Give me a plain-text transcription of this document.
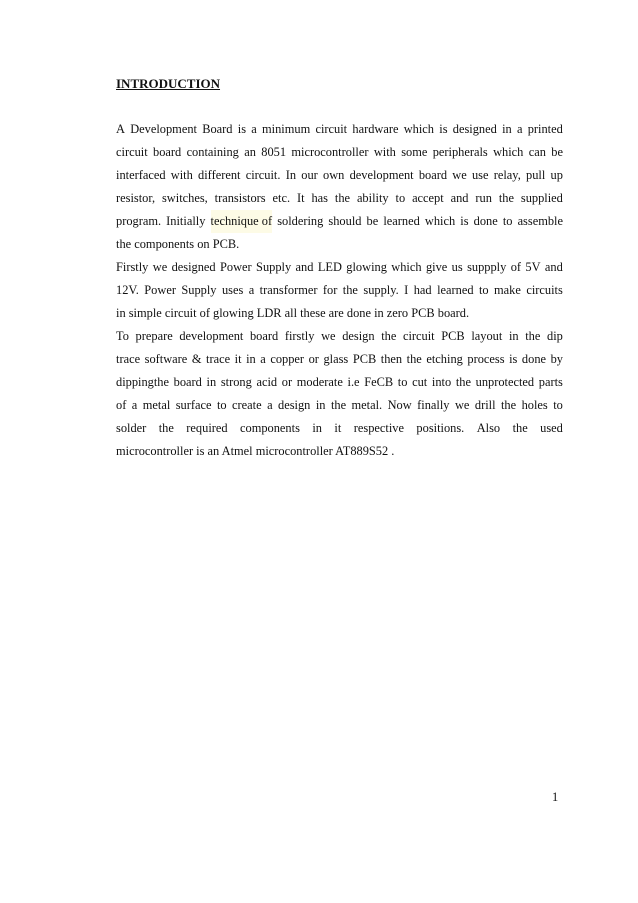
INTRODUCTION
A Development Board is a minimum circuit hardware which is designed in a printed
circuit board containing an 8051 microcontroller with some peripherals which can be
interfaced with different circuit. In our own development board we use relay, pull up
resistor, switches, transistors etc. It has the ability to accept and run the supplied
program. Initially technique of soldering should be learned which is done to assemble
the components on PCB.
Firstly we designed Power Supply and LED glowing which give us suppply of 5V and
12V. Power Supply uses a transformer for the supply. I had learned to make circuits
in simple circuit of glowing LDR all these are done in zero PCB board.
To prepare development board firstly we design the circuit PCB layout in the dip
trace software & trace it in a copper or glass PCB then the etching process is done by
dippingthe board in strong acid or moderate i.e FeCB to cut into the unprotected parts
of a metal surface to create a design in the metal. Now finally we drill the holes to
solder the required components in it respective positions. Also the used
microcontroller is an Atmel microcontroller AT889S52 .
1
